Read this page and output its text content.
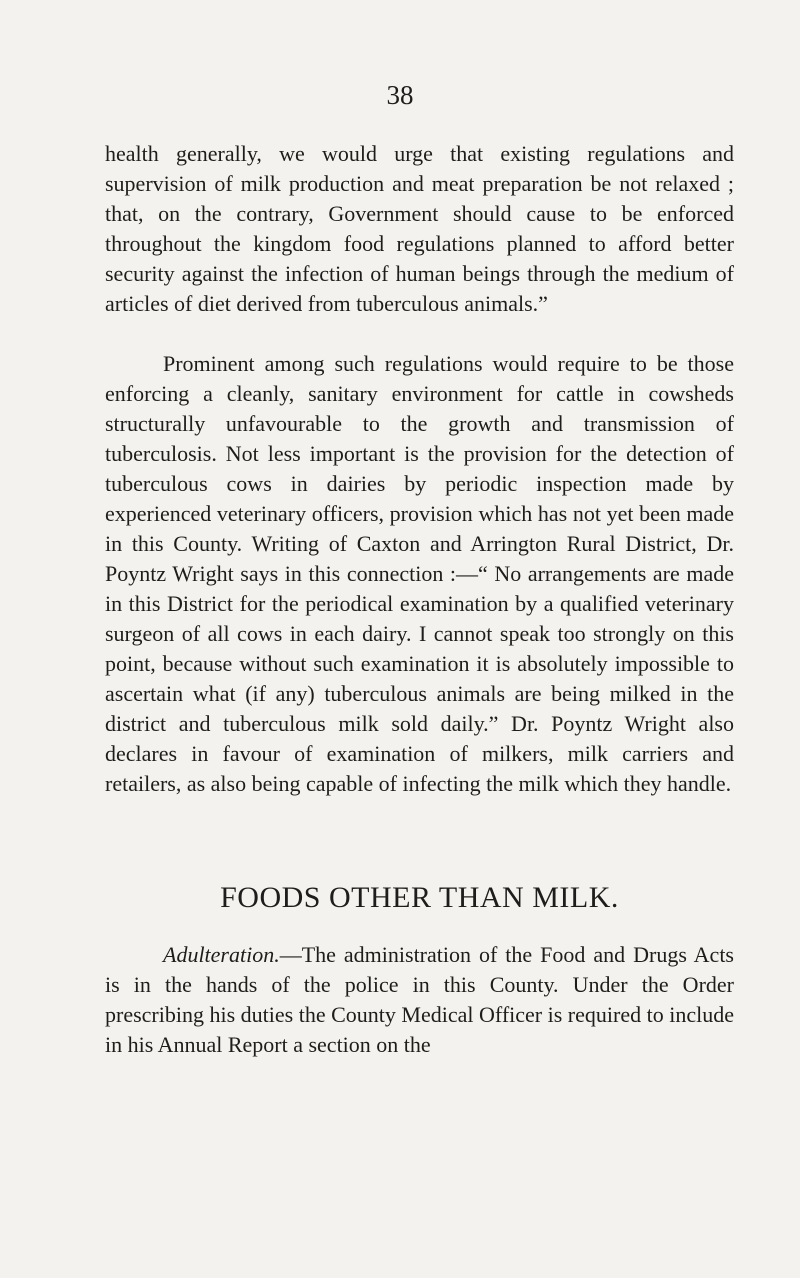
38

health generally, we would urge that existing regulations and supervision of milk production and meat preparation be not relaxed ; that, on the contrary, Government should cause to be enforced throughout the kingdom food regulations planned to afford better security against the infection of human beings through the medium of articles of diet derived from tuberculous animals.”

Prominent among such regulations would require to be those enforcing a cleanly, sanitary environment for cattle in cowsheds structurally unfavourable to the growth and transmission of tuberculosis. Not less important is the provision for the detection of tuberculous cows in dairies by periodic inspection made by experienced veterinary officers, provision which has not yet been made in this County. Writing of Caxton and Arrington Rural District, Dr. Poyntz Wright says in this connection :—“ No arrangements are made in this District for the periodical examination by a qualified veterinary surgeon of all cows in each dairy. I cannot speak too strongly on this point, because without such examination it is absolutely impossible to ascertain what (if any) tuberculous animals are being milked in the district and tuberculous milk sold daily.” Dr. Poyntz Wright also declares in favour of examination of milkers, milk carriers and retailers, as also being capable of infecting the milk which they handle.

FOODS OTHER THAN MILK.

Adulteration.—The administration of the Food and Drugs Acts is in the hands of the police in this County. Under the Order prescribing his duties the County Medical Officer is required to include in his Annual Report a section on the
